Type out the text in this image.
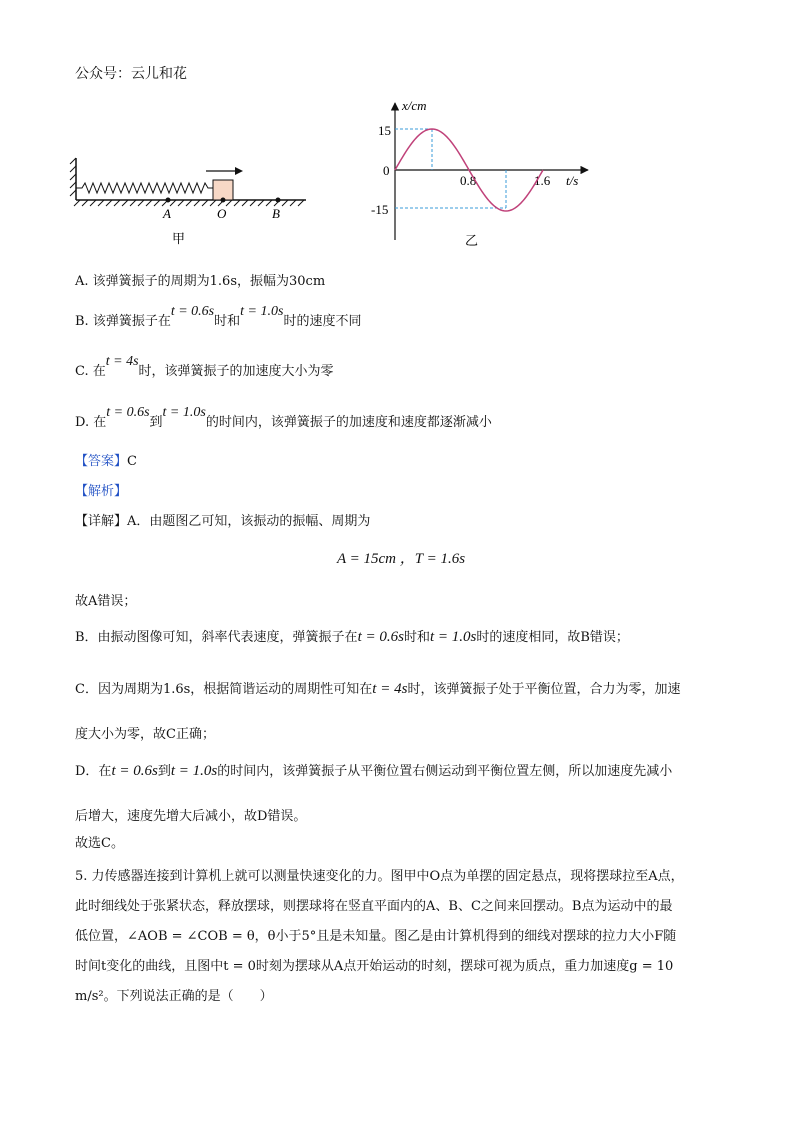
公众号：云儿和花
A	O	B
甲
x/cm
t/s
15
0
-15
0.8	1.6
乙
A. 该弹簧振子的周期为1.6s，振幅为30cm
B. 该弹簧振子在t = 0.6s时和t = 1.0s时的速度不同
C. 在t = 4s时，该弹簧振子的加速度大小为零
D. 在t = 0.6s到t = 1.0s的时间内，该弹簧振子的加速度和速度都逐渐减小
【答案】C
【解析】
【详解】A．由题图乙可知，该振动的振幅、周期为
A = 15cm ，T = 1.6s
故A错误；
B．由振动图像可知，斜率代表速度，弹簧振子在t = 0.6s时和t = 1.0s时的速度相同，故B错误；
C．因为周期为1.6s，根据简谐运动的周期性可知在t = 4s时，该弹簧振子处于平衡位置，合力为零，加速
度大小为零，故C正确；
D．在t = 0.6s到t = 1.0s的时间内，该弹簧振子从平衡位置右侧运动到平衡位置左侧，所以加速度先减小
后增大，速度先增大后减小，故D错误。
故选C。
5. 力传感器连接到计算机上就可以测量快速变化的力。图甲中O点为单摆的固定悬点，现将摆球拉至A点，
此时细线处于张紧状态，释放摆球，则摆球将在竖直平面内的A、B、C之间来回摆动。B点为运动中的最
低位置，∠AOB = ∠COB = θ，θ小于5°且是未知量。图乙是由计算机得到的细线对摆球的拉力大小F随
时间t变化的曲线，且图中t = 0时刻为摆球从A点开始运动的时刻，摆球可视为质点，重力加速度g = 10
m/s²。下列说法正确的是（　　）
